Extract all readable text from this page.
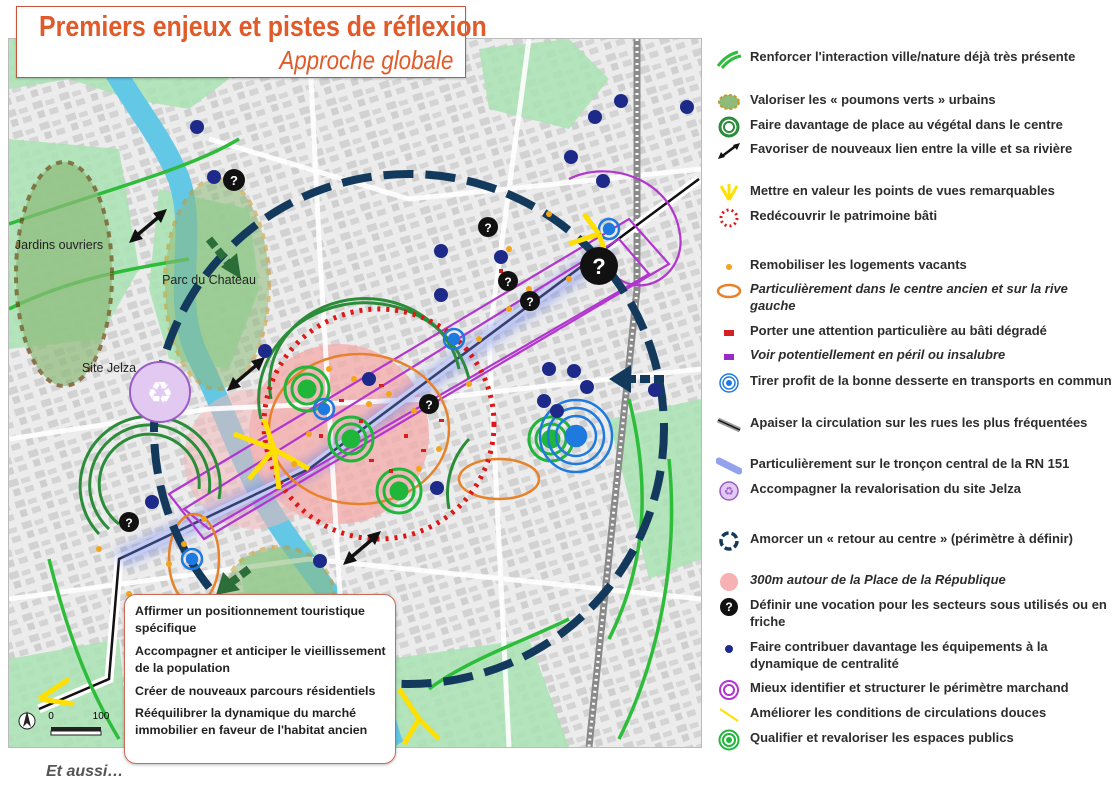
?
?
?
?
?
?
?
♻
Jardins ouvriers
Parc du Chateau
Site Jelza
0	100
Premiers enjeux et pistes de réflexion
Approche globale

Affirmer un positionnement touristique spécifique

Accompagner et anticiper le vieillissement de la population

Créer de nouveaux parcours résidentiels

Rééquilibrer la dynamique du marché immobilier en faveur de l'habitat ancien

Et aussi…
Renforcer l'interaction ville/nature déjà très présente
Valoriser les « poumons verts » urbains
Faire davantage de place au végétal dans le centre
Favoriser de nouveaux lien entre la ville et sa rivière
Mettre en valeur les points de vues remarquables
Redécouvrir le patrimoine bâti
Remobiliser les logements vacants
Particulièrement dans le centre ancien et sur la rive gauche
Porter une attention particulière au bâti dégradé
Voir potentiellement en péril ou insalubre
Tirer profit de la bonne desserte en transports en commun
Apaiser la circulation sur les rues les plus fréquentées
Particulièrement sur le tronçon central de la RN 151
♻ Accompagner la revalorisation du site Jelza
Amorcer un « retour au centre » (périmètre à définir)
300m autour de la Place de la République
? Définir une vocation pour les secteurs sous utilisés ou en friche
Faire contribuer davantage les équipements à la dynamique de centralité
Mieux identifier et structurer le périmètre marchand
Améliorer les conditions de circulations douces
Qualifier et revaloriser les espaces publics
